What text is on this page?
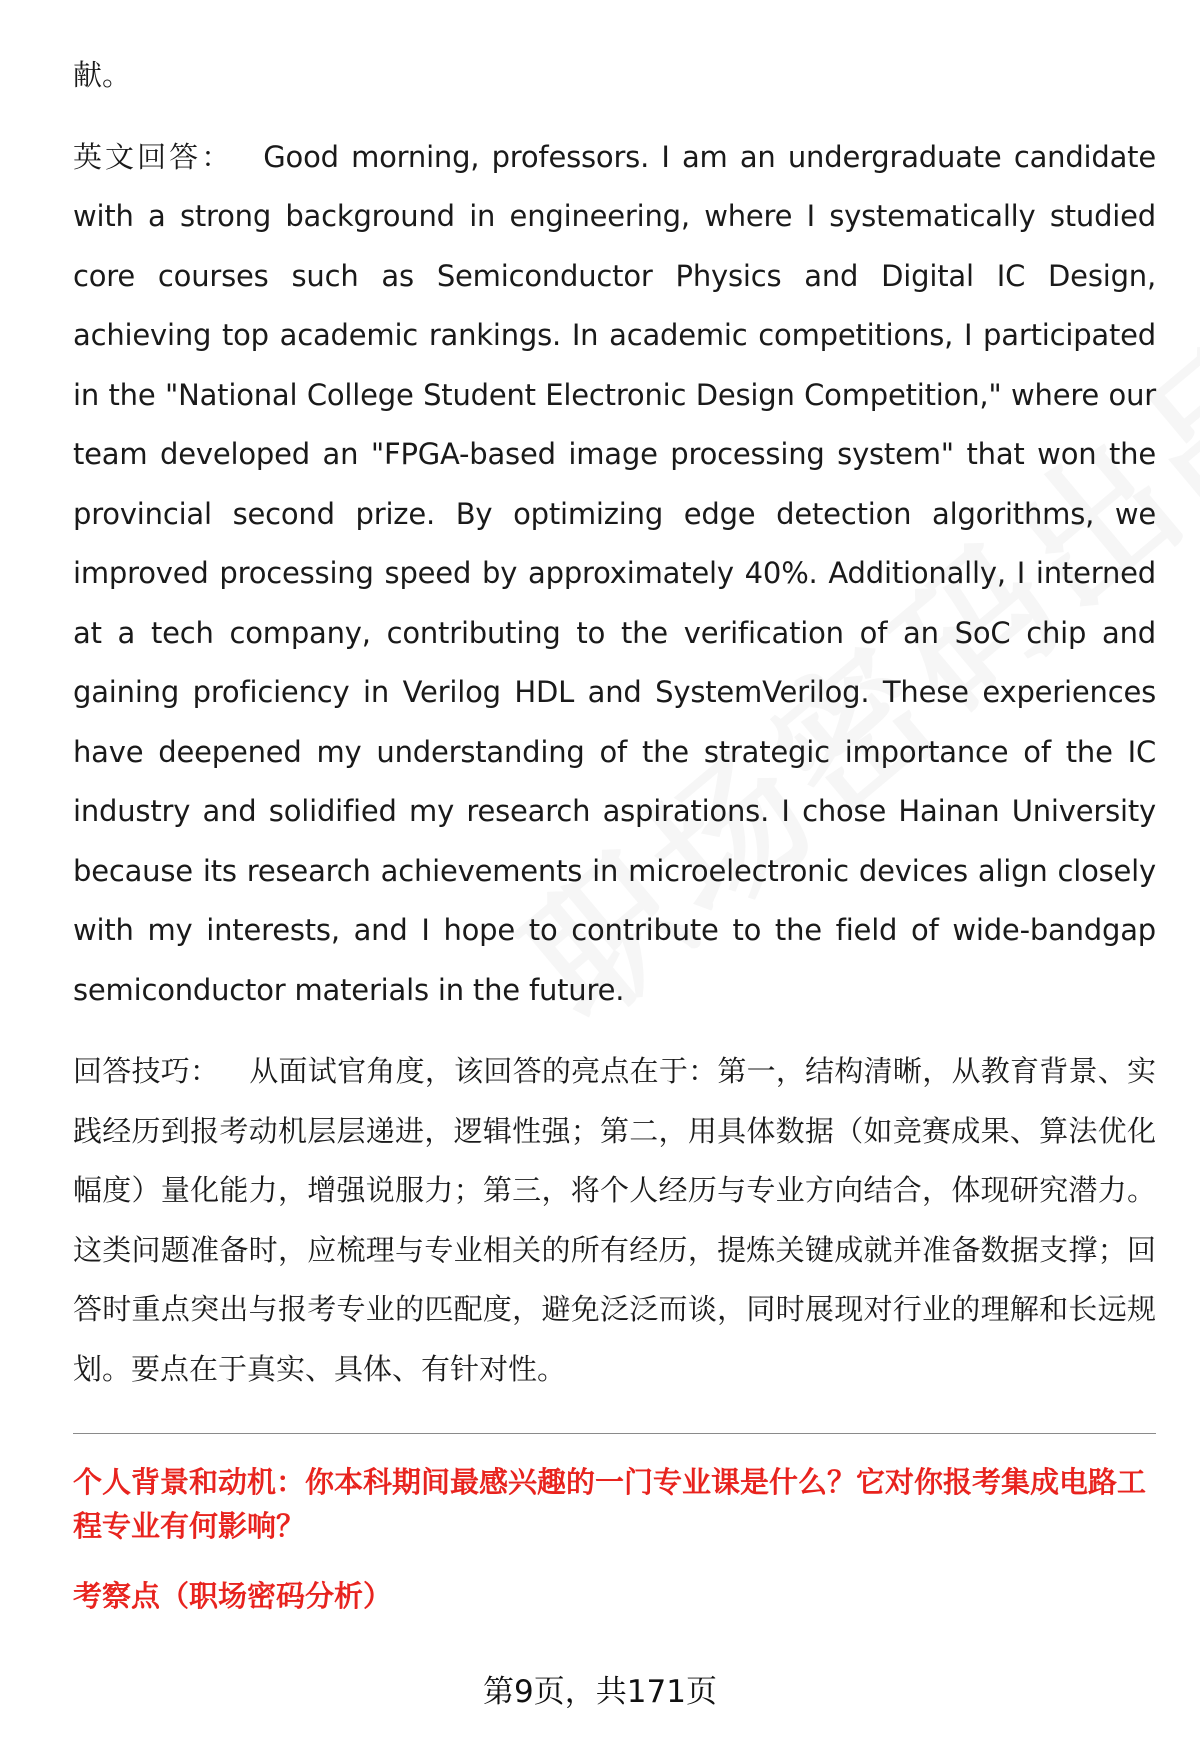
献。

英文回答： Good morning, professors. I am an undergraduate candidate with a strong background in engineering, where I systematically studied core courses such as Semiconductor Physics and Digital IC Design, achieving top academic rankings. In academic competitions, I participated in the "National College Student Electronic Design Competition," where our team developed an "FPGA-based image processing system" that won the provincial second prize. By optimizing edge detection algorithms, we improved processing speed by approximately 40%. Additionally, I interned at a tech company, contributing to the verification of an SoC chip and gaining proficiency in Verilog HDL and SystemVerilog. These experiences have deepened my understanding of the strategic importance of the IC industry and solidified my research aspirations. I chose Hainan University because its research achievements in microelectronic devices align closely with my interests, and I hope to contribute to the field of wide-bandgap semiconductor materials in the future.

回答技巧： 从面试官角度，该回答的亮点在于：第一，结构清晰，从教育背景、实践经历到报考动机层层递进，逻辑性强；第二，用具体数据（如竞赛成果、算法优化幅度）量化能力，增强说服力；第三，将个人经历与专业方向结合，体现研究潜力。这类问题准备时，应梳理与专业相关的所有经历，提炼关键成就并准备数据支撑；回答时重点突出与报考专业的匹配度，避免泛泛而谈，同时展现对行业的理解和长远规划。要点在于真实、具体、有针对性。

个人背景和动机：你本科期间最感兴趣的一门专业课是什么？它对你报考集成电路工程专业有何影响？
考察点（职场密码分析）
第9页，共171页
